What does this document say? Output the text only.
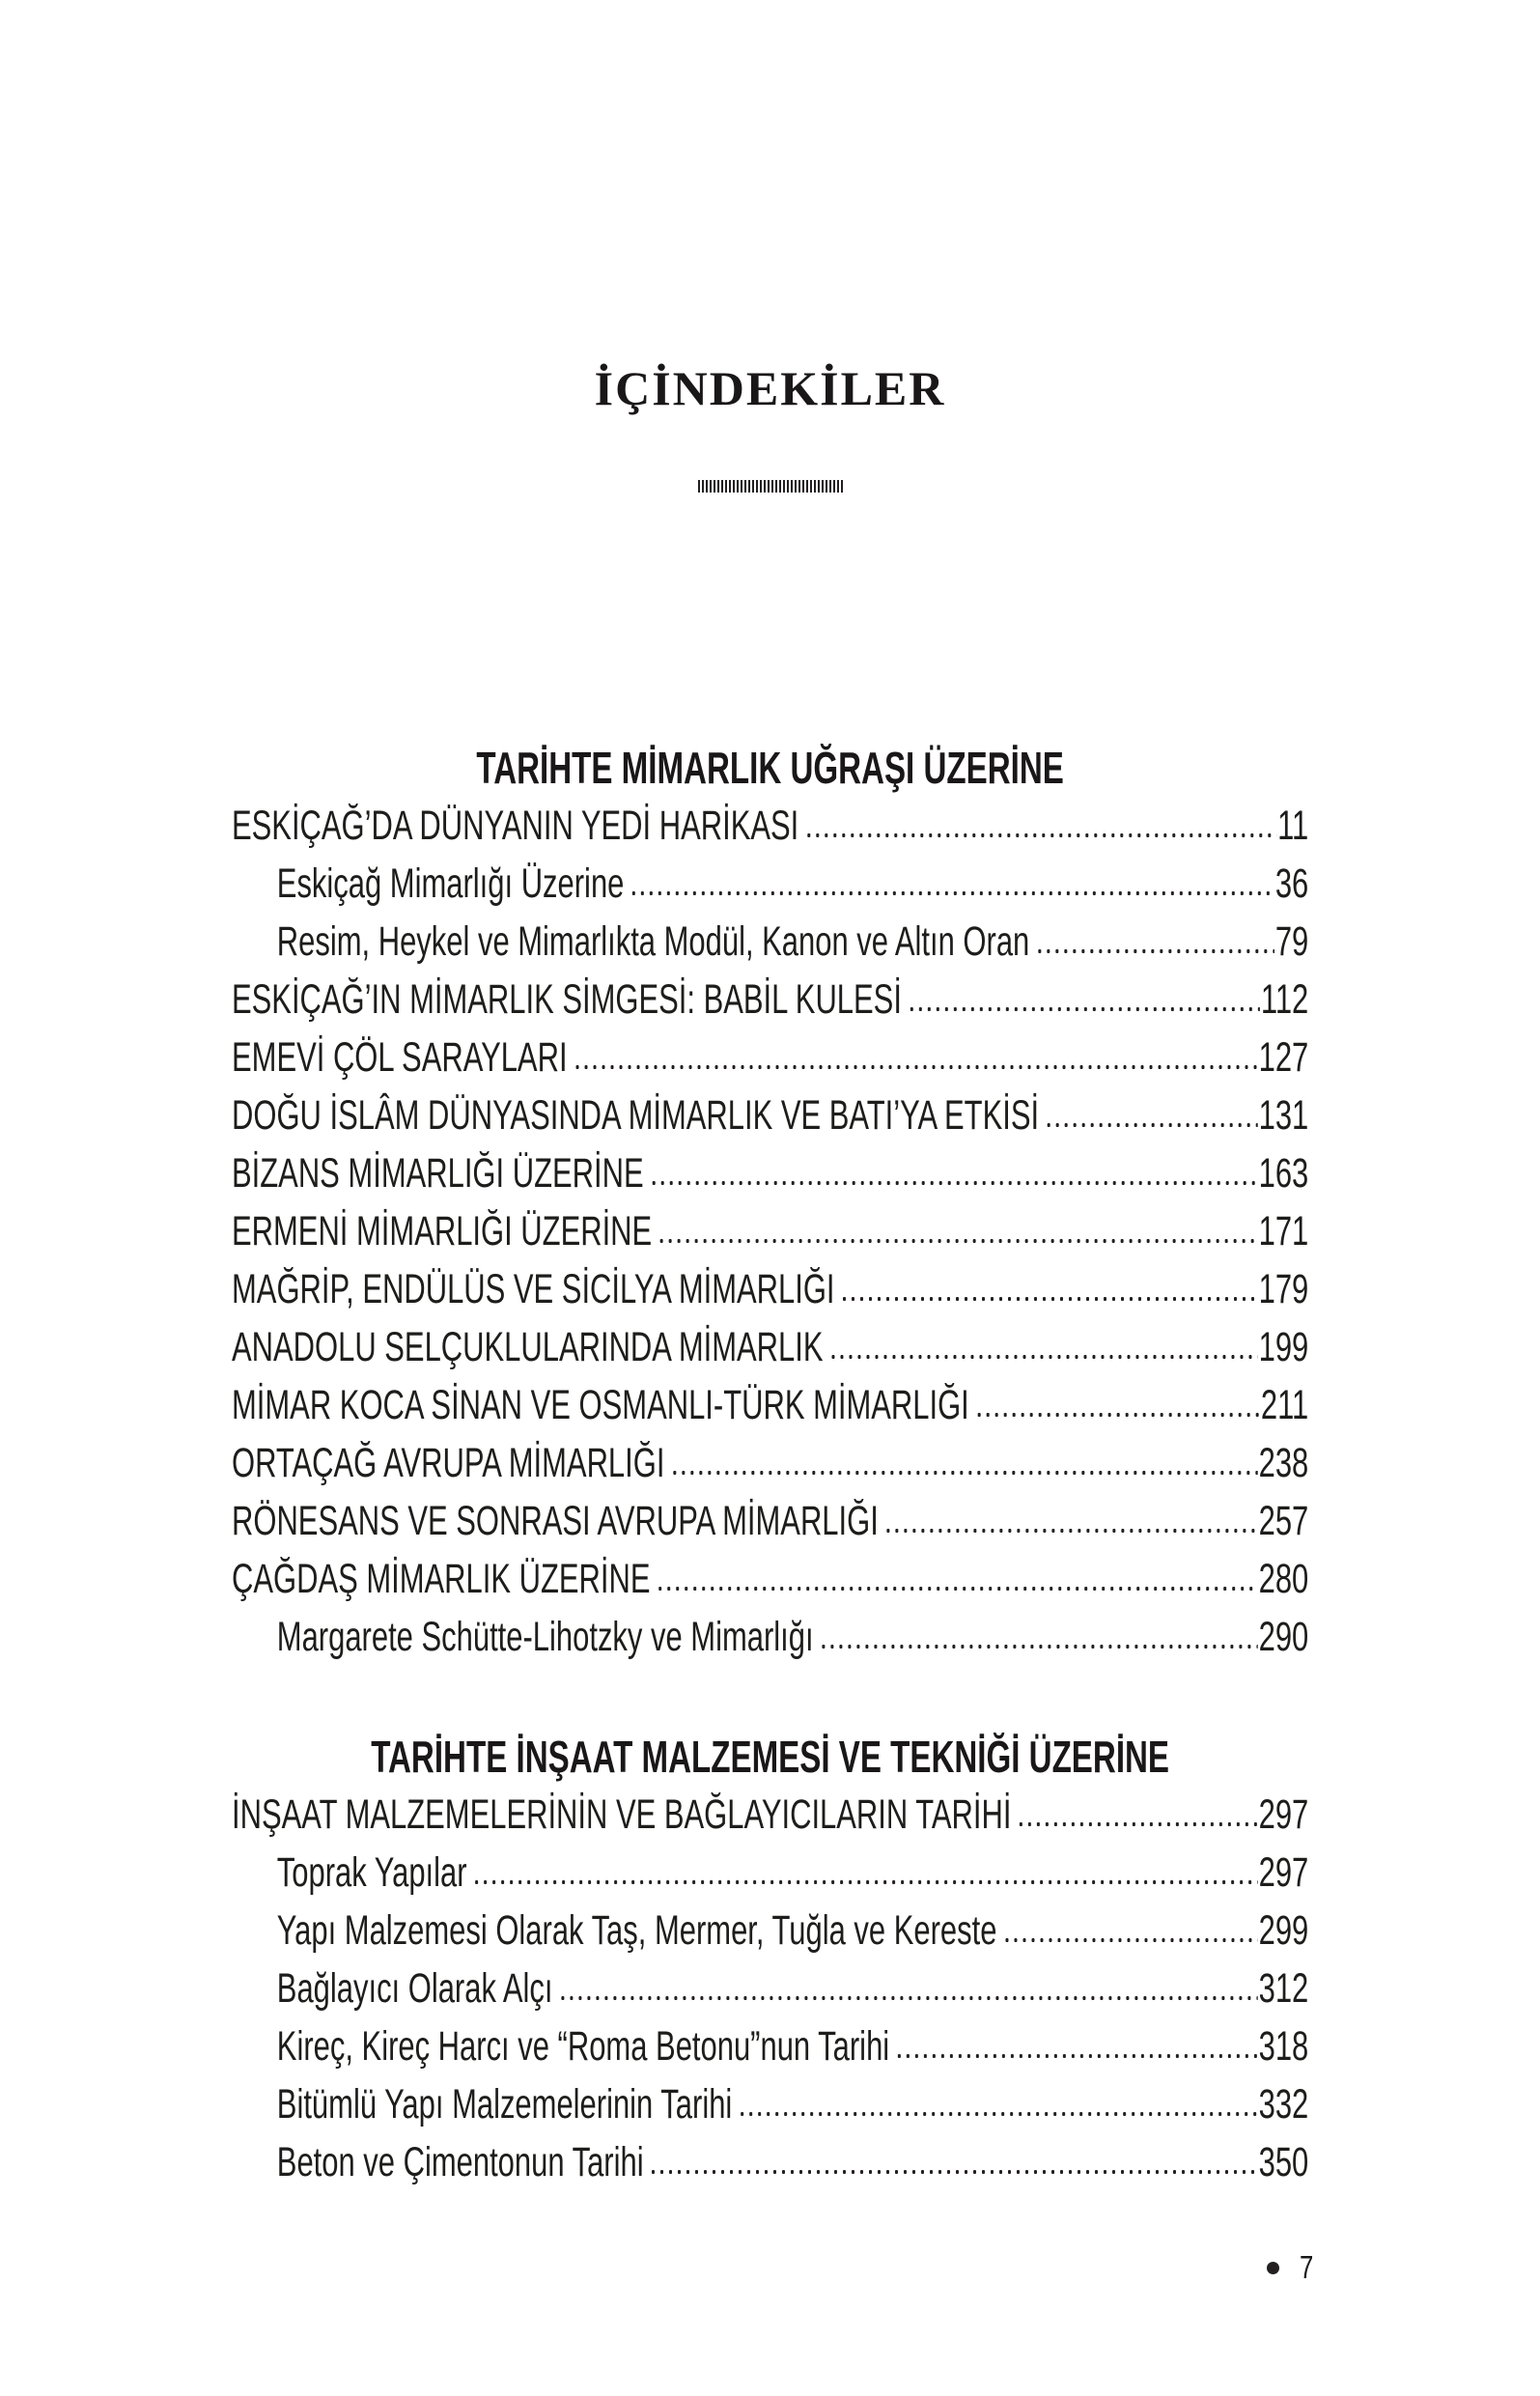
İÇİNDEKİLER
TARİHTE MİMARLIK UĞRAŞI ÜZERİNE
ESKİÇAĞ’DA DÜNYANIN YEDİ HARİKASI	11
Eskiçağ Mimarlığı Üzerine	36
Resim, Heykel ve Mimarlıkta Modül, Kanon ve Altın Oran	79
ESKİÇAĞ’IN MİMARLIK SİMGESİ: BABİL KULESİ	112
EMEVİ ÇÖL SARAYLARI	127
DOĞU İSLÂM DÜNYASINDA MİMARLIK VE BATI’YA ETKİSİ	131
BİZANS MİMARLIĞI ÜZERİNE	163
ERMENİ MİMARLIĞI ÜZERİNE	171
MAĞRİP, ENDÜLÜS VE SİCİLYA MİMARLIĞI	179
ANADOLU SELÇUKLULARINDA MİMARLIK	199
MİMAR KOCA SİNAN VE OSMANLI-TÜRK MİMARLIĞI	211
ORTAÇAĞ AVRUPA MİMARLIĞI	238
RÖNESANS VE SONRASI AVRUPA MİMARLIĞI	257
ÇAĞDAŞ MİMARLIK ÜZERİNE	280
Margarete Schütte-Lihotzky ve Mimarlığı	290
TARİHTE İNŞAAT MALZEMESİ VE TEKNİĞİ ÜZERİNE
İNŞAAT MALZEMELERİNİN VE BAĞLAYICILARIN TARİHİ	297
Toprak Yapılar	297
Yapı Malzemesi Olarak Taş, Mermer, Tuğla ve Kereste	299
Bağlayıcı Olarak Alçı	312
Kireç, Kireç Harcı ve “Roma Betonu”nun Tarihi	318
Bitümlü Yapı Malzemelerinin Tarihi	332
Beton ve Çimentonun Tarihi	350
7
